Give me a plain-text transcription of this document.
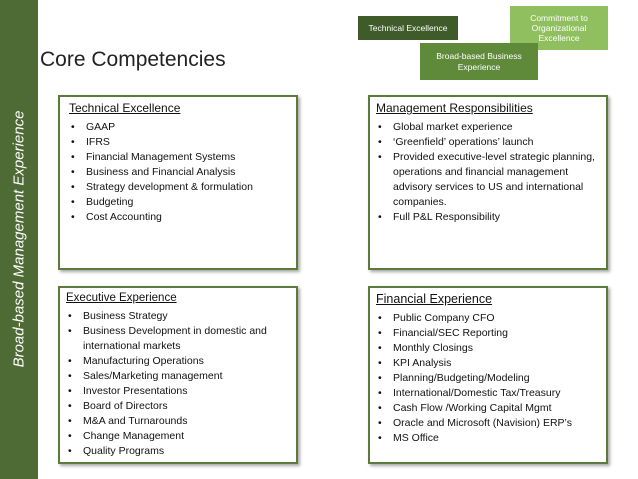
Broad-based Management Experience
Core Competencies
Commitment to Organizational Excellence
Technical Excellence
Broad-based Business Experience
Technical Excellence
• GAAP
• IFRS
• Financial Management Systems
• Business and Financial Analysis
• Strategy development & formulation
• Budgeting
• Cost Accounting
Management Responsibilities
• Global market experience
• ‘Greenfield’ operations’ launch
• Provided executive-level strategic planning, operations and financial management advisory services to US and international companies.
• Full P&L Responsibility
Executive Experience
• Business Strategy
• Business Development in domestic and international markets
• Manufacturing Operations
• Sales/Marketing management
• Investor Presentations
• Board of Directors
• M&A and Turnarounds
• Change Management
• Quality Programs
Financial Experience
• Public Company CFO
• Financial/SEC Reporting
• Monthly Closings
• KPI Analysis
• Planning/Budgeting/Modeling
• International/Domestic Tax/Treasury
• Cash Flow /Working Capital Mgmt
• Oracle and Microsoft (Navision) ERP’s
• MS Office
